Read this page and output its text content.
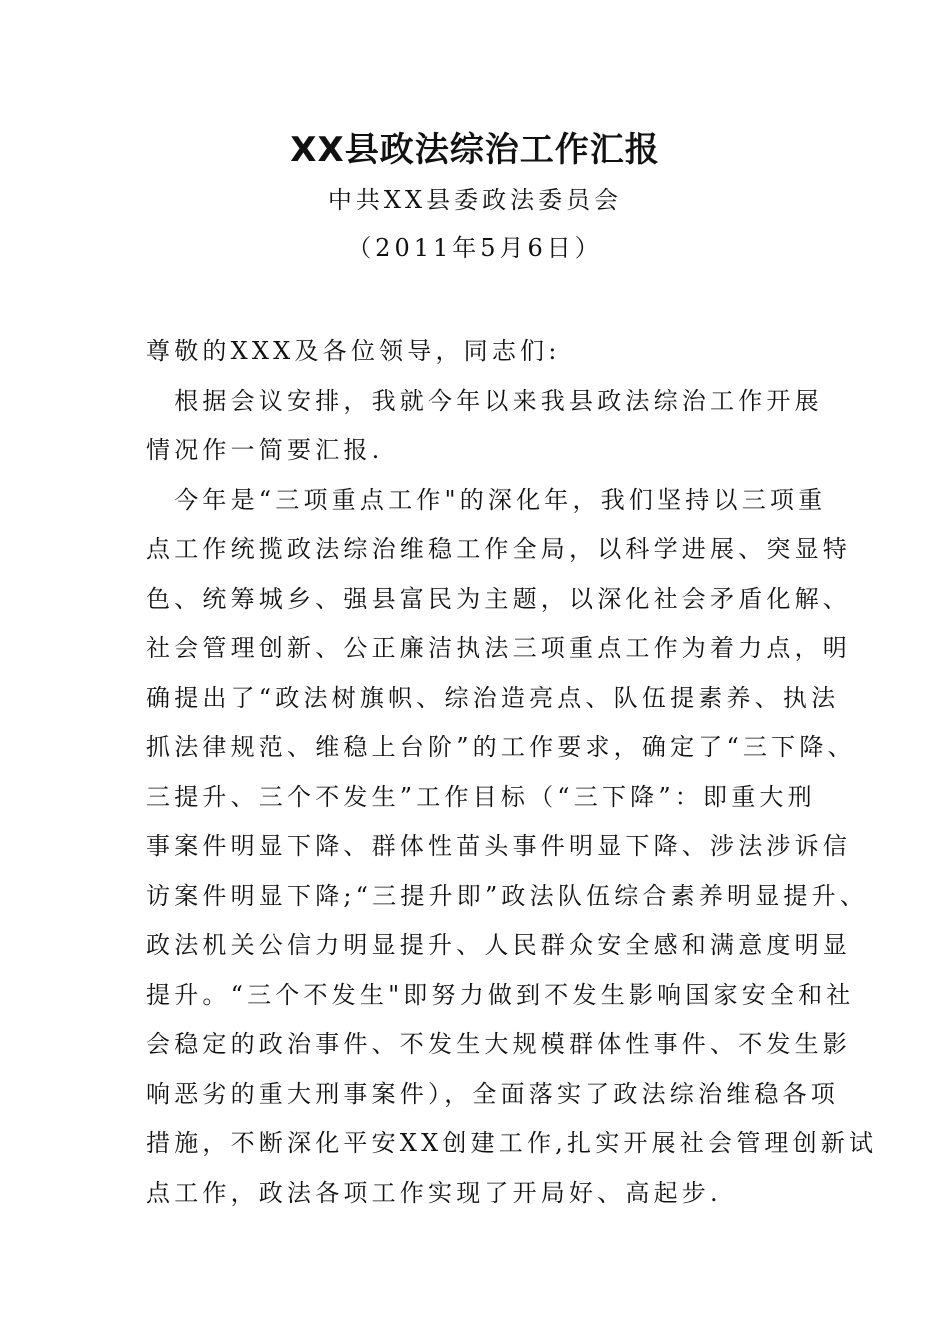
XX县政法综治工作汇报
中共XX县委政法委员会
（2011年5月6日）
尊敬的XXX及各位领导，同志们:
　根据会议安排，我就今年以来我县政法综治工作开展
情况作一简要汇报.
　今年是“三项重点工作"的深化年，我们坚持以三项重
点工作统揽政法综治维稳工作全局，以科学进展、突显特
色、统筹城乡、强县富民为主题，以深化社会矛盾化解、
社会管理创新、公正廉洁执法三项重点工作为着力点，明
确提出了“政法树旗帜、综治造亮点、队伍提素养、执法
抓法律规范、维稳上台阶”的工作要求，确定了“三下降、
三提升、三个不发生”工作目标（“三下降”：即重大刑
事案件明显下降、群体性苗头事件明显下降、涉法涉诉信
访案件明显下降;“三提升即”政法队伍综合素养明显提升、
政法机关公信力明显提升、人民群众安全感和满意度明显
提升。“三个不发生"即努力做到不发生影响国家安全和社
会稳定的政治事件、不发生大规模群体性事件、不发生影
响恶劣的重大刑事案件），全面落实了政法综治维稳各项
措施，不断深化平安XX创建工作,扎实开展社会管理创新试
点工作，政法各项工作实现了开局好、高起步.
